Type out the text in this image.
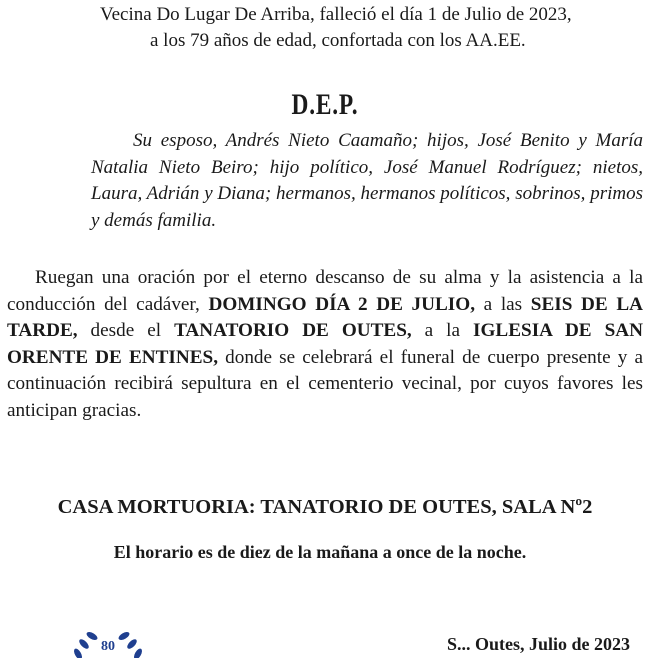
Vecina Do Lugar De Arriba, falleció el día 1 de Julio de 2023,
a los 79 años de edad, confortada con los AA.EE.
D.E.P.
Su esposo, Andrés Nieto Caamaño; hijos, José Benito y María Natalia Nieto Beiro; hijo político, José Manuel Rodríguez; nietos, Laura, Adrián y Diana; hermanos, hermanos políticos, sobrinos, primos y demás familia.
Ruegan una oración por el eterno descanso de su alma y la asistencia a la conducción del cadáver, DOMINGO DÍA 2 DE JULIO, a las SEIS DE LA TARDE, desde el TANATORIO DE OUTES, a la IGLESIA DE SAN ORENTE DE ENTINES, donde se celebrará el funeral de cuerpo presente y a continuación recibirá sepultura en el cementerio vecinal, por cuyos favores les anticipan gracias.
CASA MORTUORIA: TANATORIO DE OUTES, SALA Nº2
El horario es de diez de la mañana a once de la noche.
80	S... Outes, Julio de 2023
